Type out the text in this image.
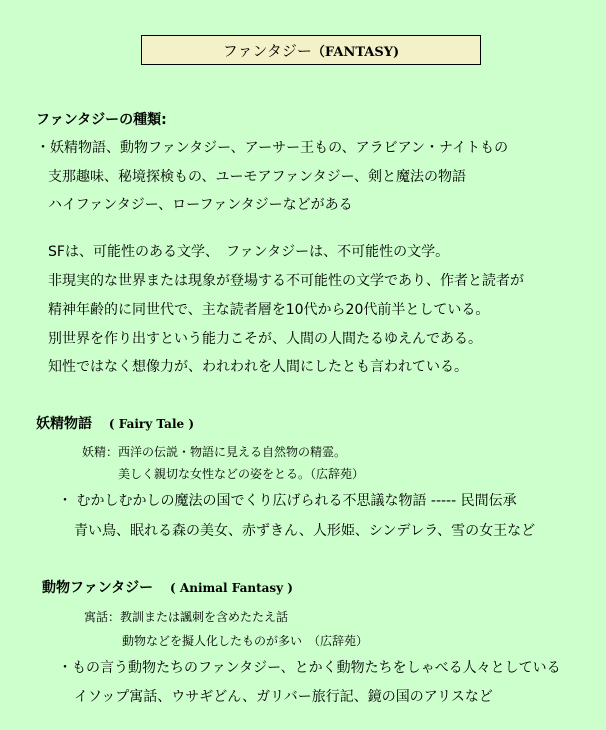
ファンタジー （FANTASY)
ファンタジーの種類:
・妖精物語、動物ファンタジー、アーサー王もの、アラビアン・ナイトもの
支那趣味、秘境探検もの、ユーモアファンタジー、剣と魔法の物語
ハイファンタジー、ローファンタジーなどがある
SFは、可能性のある文学、　ファンタジーは、不可能性の文学。
非現実的な世界または現象が登場する不可能性の文学であり、作者と読者が
精神年齢的に同世代で、主な読者層を10代から20代前半としている。
別世界を作り出すという能力こそが、人間の人間たるゆえんである。
知性ではなく想像力が、われわれを人間にしたとも言われている。
妖精物語 ( Fairy Tale )
妖精： 西洋の伝説・物語に見える自然物の精霊。
美しく親切な女性などの姿をとる。（広辞苑）
・ むかしむかしの魔法の国でくり広げられる不思議な物語 ----- 民間伝承
青い鳥、眠れる森の美女、赤ずきん、人形姫、シンデレラ、雪の女王など
動物ファンタジー ( Animal Fantasy )
寓話： 教訓または諷刺を含めたたえ話
動物などを擬人化したものが多い　（広辞苑）
・もの言う動物たちのファンタジー、とかく動物たちをしゃべる人々としている
イソップ寓話、ウサギどん、ガリバー旅行記、鏡の国のアリスなど
